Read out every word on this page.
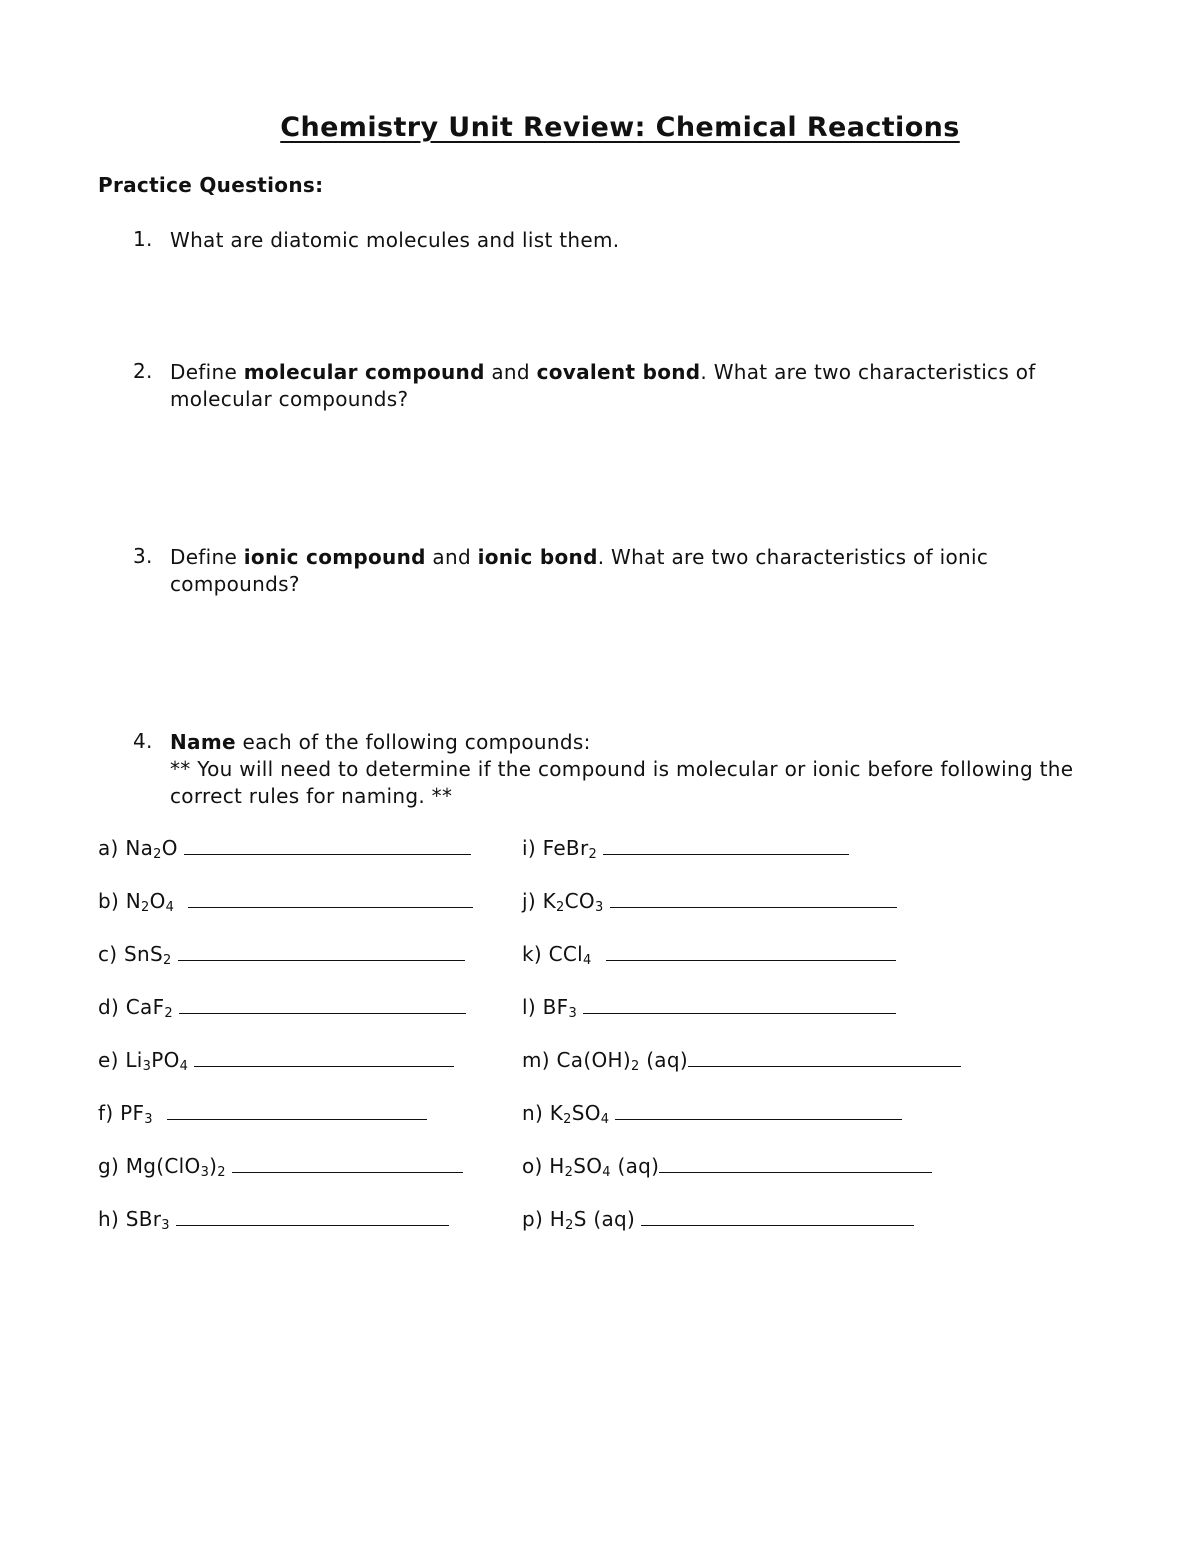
Chemistry Unit Review: Chemical Reactions
Practice Questions:
1. What are diatomic molecules and list them.
2. Define molecular compound and covalent bond. What are two characteristics of
molecular compounds?
3. Define ionic compound and ionic bond. What are two characteristics of ionic
compounds?
4. Name each of the following compounds:
** You will need to determine if the compound is molecular or ionic before following the
correct rules for naming. **
a) $Na_2O$
b) $N_2O_4$
c) SnS$_2$
d) CaF$_2$
e) $Li_3PO_4$
f) $PF_3$
g) $Mg(ClO_3)_2$
h) SBr$_3$
i) FeBr$_2$
j) $K_2CO_3$
k) CCl$_4$
l) $BF_3$
m) $Ca(OH)_2$ (aq)
n) $K_2SO_4$
o) $H_2SO_4$ (aq)
p) $H_2S$ (aq)
